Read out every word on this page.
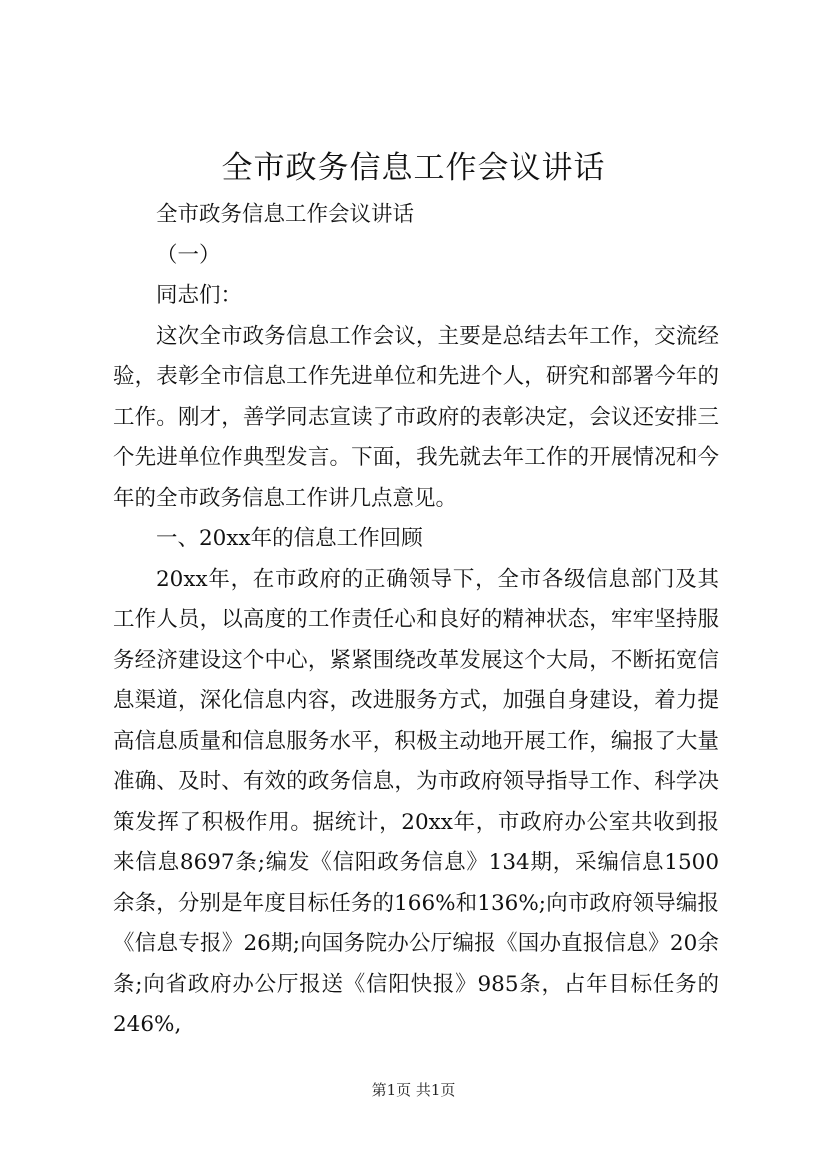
全市政务信息工作会议讲话

全市政务信息工作会议讲话

（一）

同志们：

这次全市政务信息工作会议，主要是总结去年工作，交流经验，表彰全市信息工作先进单位和先进个人，研究和部署今年的工作。刚才，善学同志宣读了市政府的表彰决定，会议还安排三个先进单位作典型发言。下面，我先就去年工作的开展情况和今年的全市政务信息工作讲几点意见。

一、20xx年的信息工作回顾

20xx年，在市政府的正确领导下，全市各级信息部门及其工作人员，以高度的工作责任心和良好的精神状态，牢牢坚持服务经济建设这个中心，紧紧围绕改革发展这个大局，不断拓宽信息渠道，深化信息内容，改进服务方式，加强自身建设，着力提高信息质量和信息服务水平，积极主动地开展工作，编报了大量准确、及时、有效的政务信息，为市政府领导指导工作、科学决策发挥了积极作用。据统计，20xx年，市政府办公室共收到报来信息8697条;编发《信阳政务信息》134期，采编信息1500余条，分别是年度目标任务的166%和136%;向市政府领导编报《信息专报》26期;向国务院办公厅编报《国办直报信息》20余条;向省政府办公厅报送《信阳快报》985条，占年目标任务的246%,

第1页 共1页
